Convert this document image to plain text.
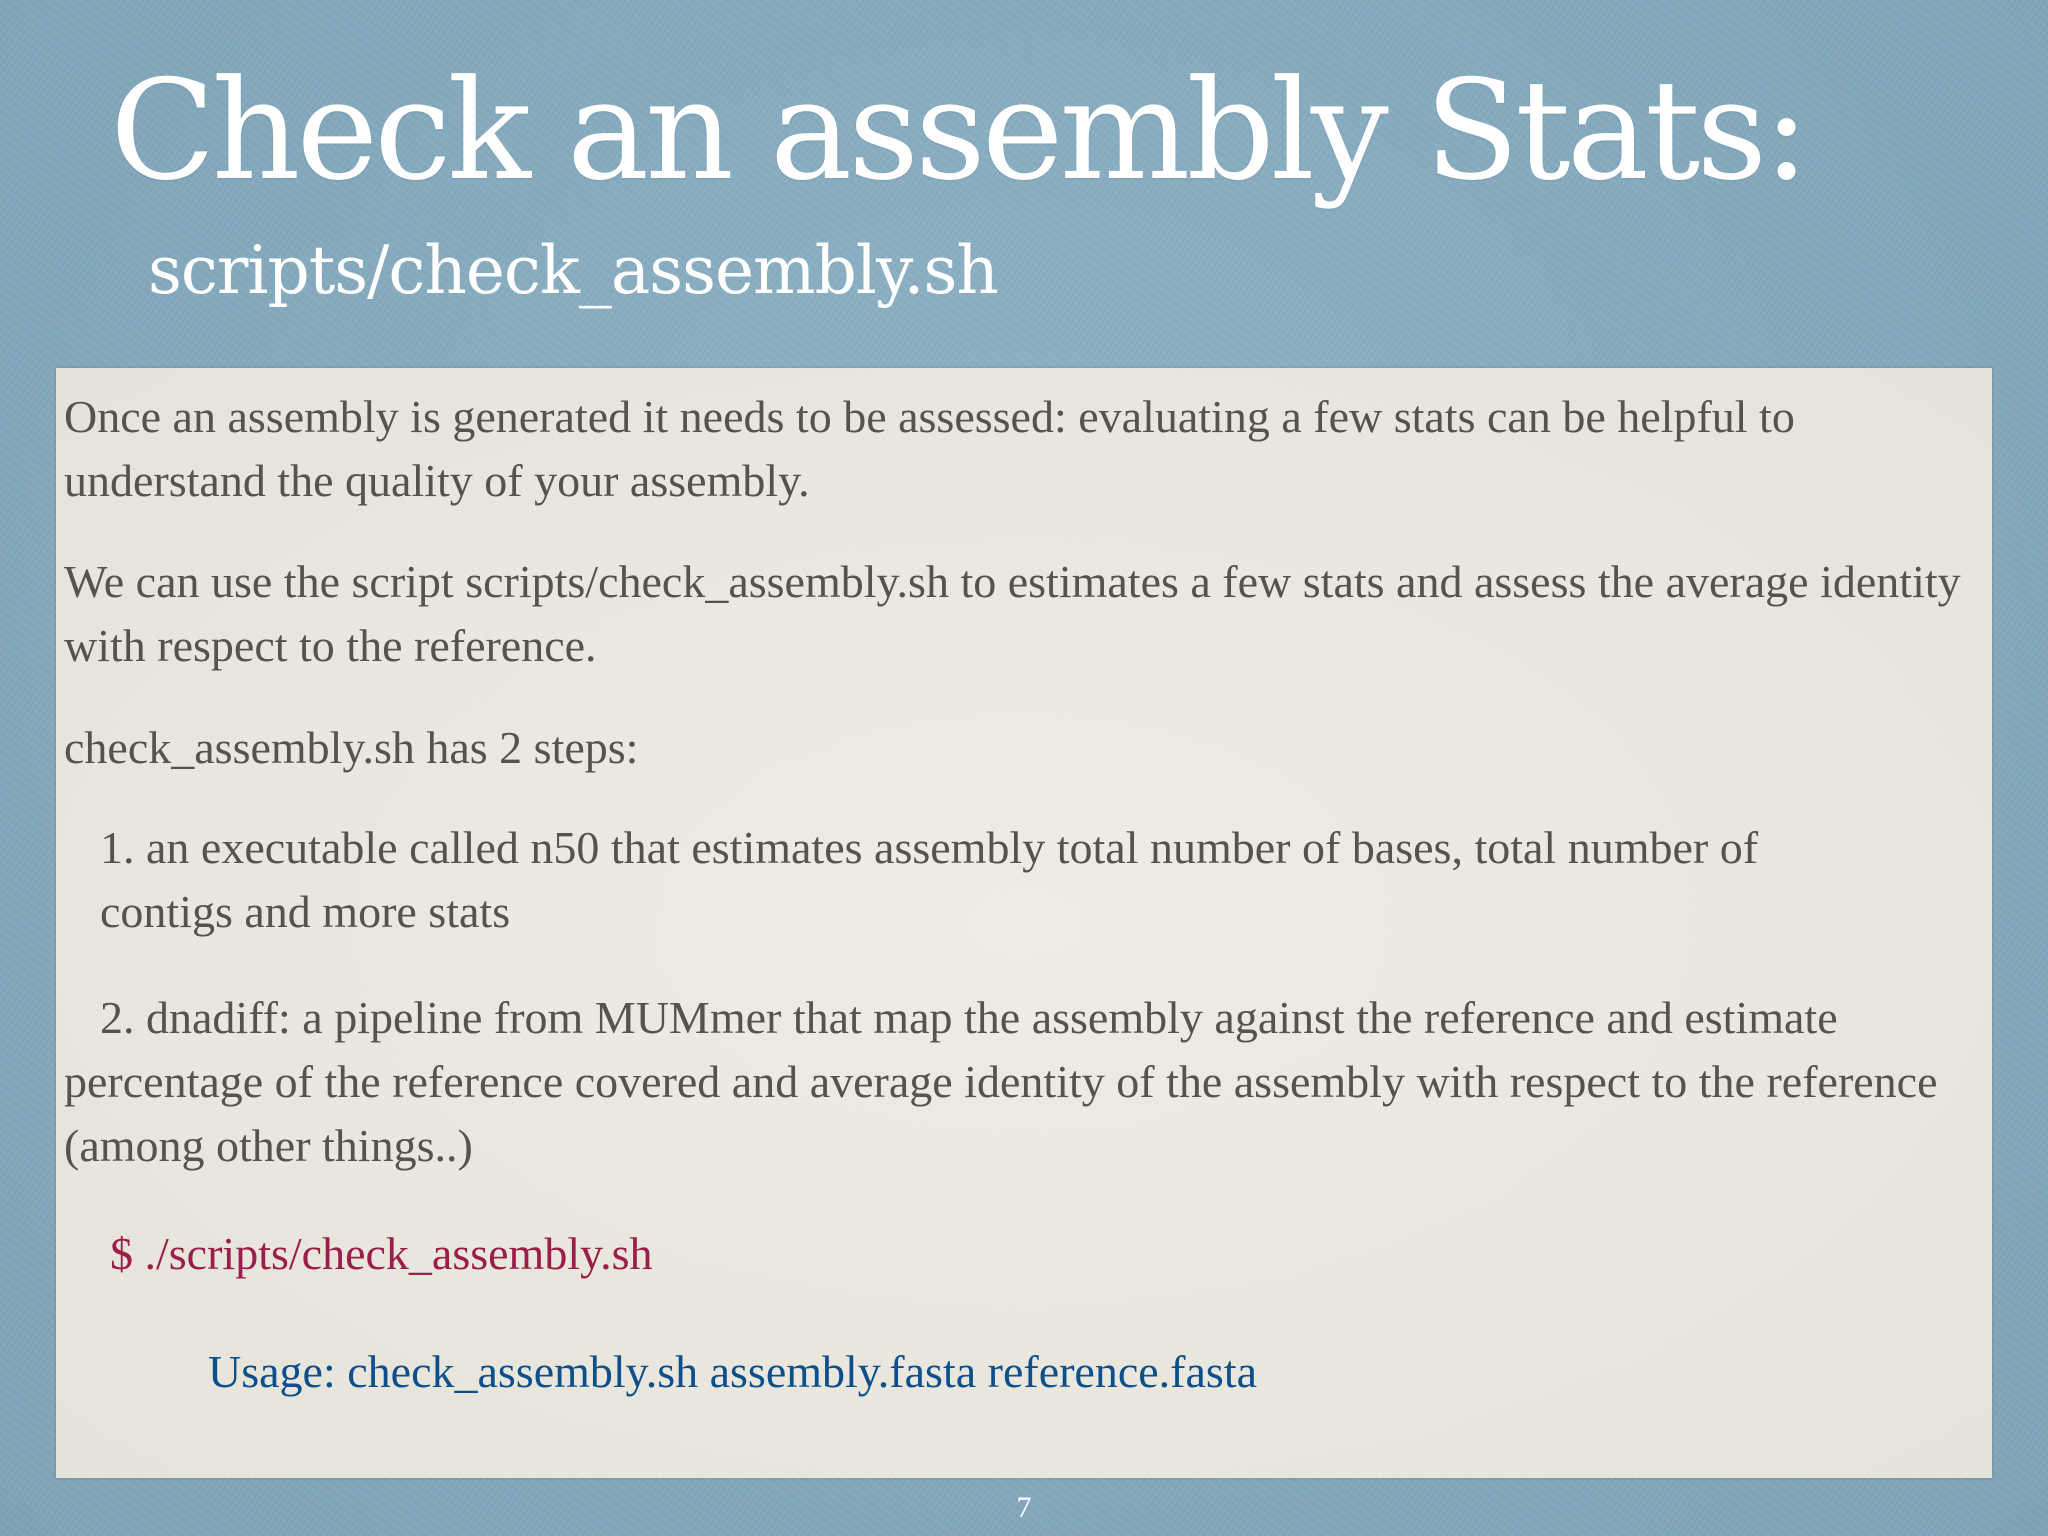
Check an assembly Stats:
scripts/check_assembly.sh

Once an assembly is generated it needs to be assessed: evaluating a few stats can be helpful to understand the quality of your assembly.

We can use the script scripts/check_assembly.sh to estimates a few stats and assess the average identity with respect to the reference.

check_assembly.sh has 2 steps:

1. an executable called n50 that estimates assembly total number of bases, total number of contigs and more stats

2. dnadiff: a pipeline from MUMmer that map the assembly against the reference and estimate percentage of the reference covered and average identity of the assembly with respect to the reference (among other things..)

$ ./scripts/check_assembly.sh

Usage: check_assembly.sh assembly.fasta reference.fasta

7
